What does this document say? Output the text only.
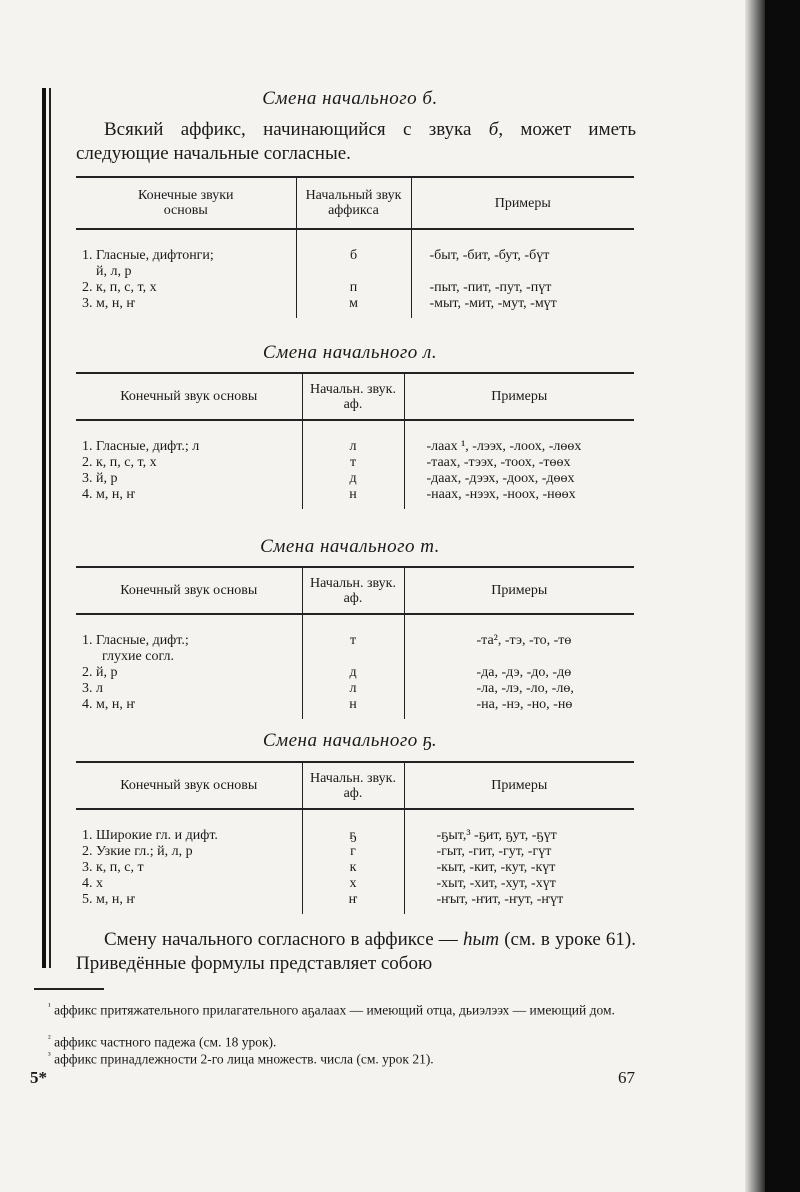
Смена начального б.
Всякий аффикс, начинающийся с звука б, может иметь следующие начальные согласные.
Конечные звуки основы	Начальный звук аффикса	Примеры

1. Гласные, дифтонги;
й, л, р	б	-быт, -бит, -бут, -бүт
2. к, п, с, т, х	п	-пыт, -пит, -пут, -пүт
3. м, н, ҥ	м	-мыт, -мит, -мут, -мүт

Смена начального л.
Конечный звук основы	Начальн. звук. аф.	Примеры

1. Гласные, дифт.; л	л	-лаах ¹, -лээх, -лоох, -лөөх
2. к, п, с, т, х	т	-таах, -тээх, -тоох, -төөх
3. й, р	д	-даах, -дээх, -доох, -дөөх
4. м, н, ҥ	н	-наах, -нээх, -ноох, -нөөх

Смена начального т.
Конечный звук основы	Начальн. звук. аф.	Примеры

1. Гласные, дифт.;
глухие согл.	т	-та², -тэ, -то, -тө
2. й, р	д	-да, -дэ, -до, -дө
3. л	л	-ла, -лэ, -ло, -лө,
4. м, н, ҥ	н	-на, -нэ, -но, -нө

Смена начального ҕ.
Конечный звук основы	Начальн. звук. аф.	Примеры

1. Широкие гл. и дифт.	ҕ	-ҕыт,³ -ҕит, ҕут, -ҕүт
2. Узкие гл.; й, л, р	г	-гыт, -гит, -гут, -гүт
3. к, п, с, т	к	-кыт, -кит, -кут, -күт
4. х	х	-хыт, -хит, -хут, -хүт
5. м, н, ҥ	ҥ	-ҥыт, -ҥит, -ҥут, -ҥүт

Смену начального согласного в аффиксе — һыт (см. в уроке 61). Приведённые формулы представляет собою
$^{^1}$ аффикс притяжательного прилагательного аҕалаах — имеющий отца, дьиэлээх — имеющий дом.
$^{^2}$ аффикс частного падежа (см. 18 урок).
$^{^3}$ аффикс принадлежности 2-го лица множеств. числа (см. урок 21).
5*	67
